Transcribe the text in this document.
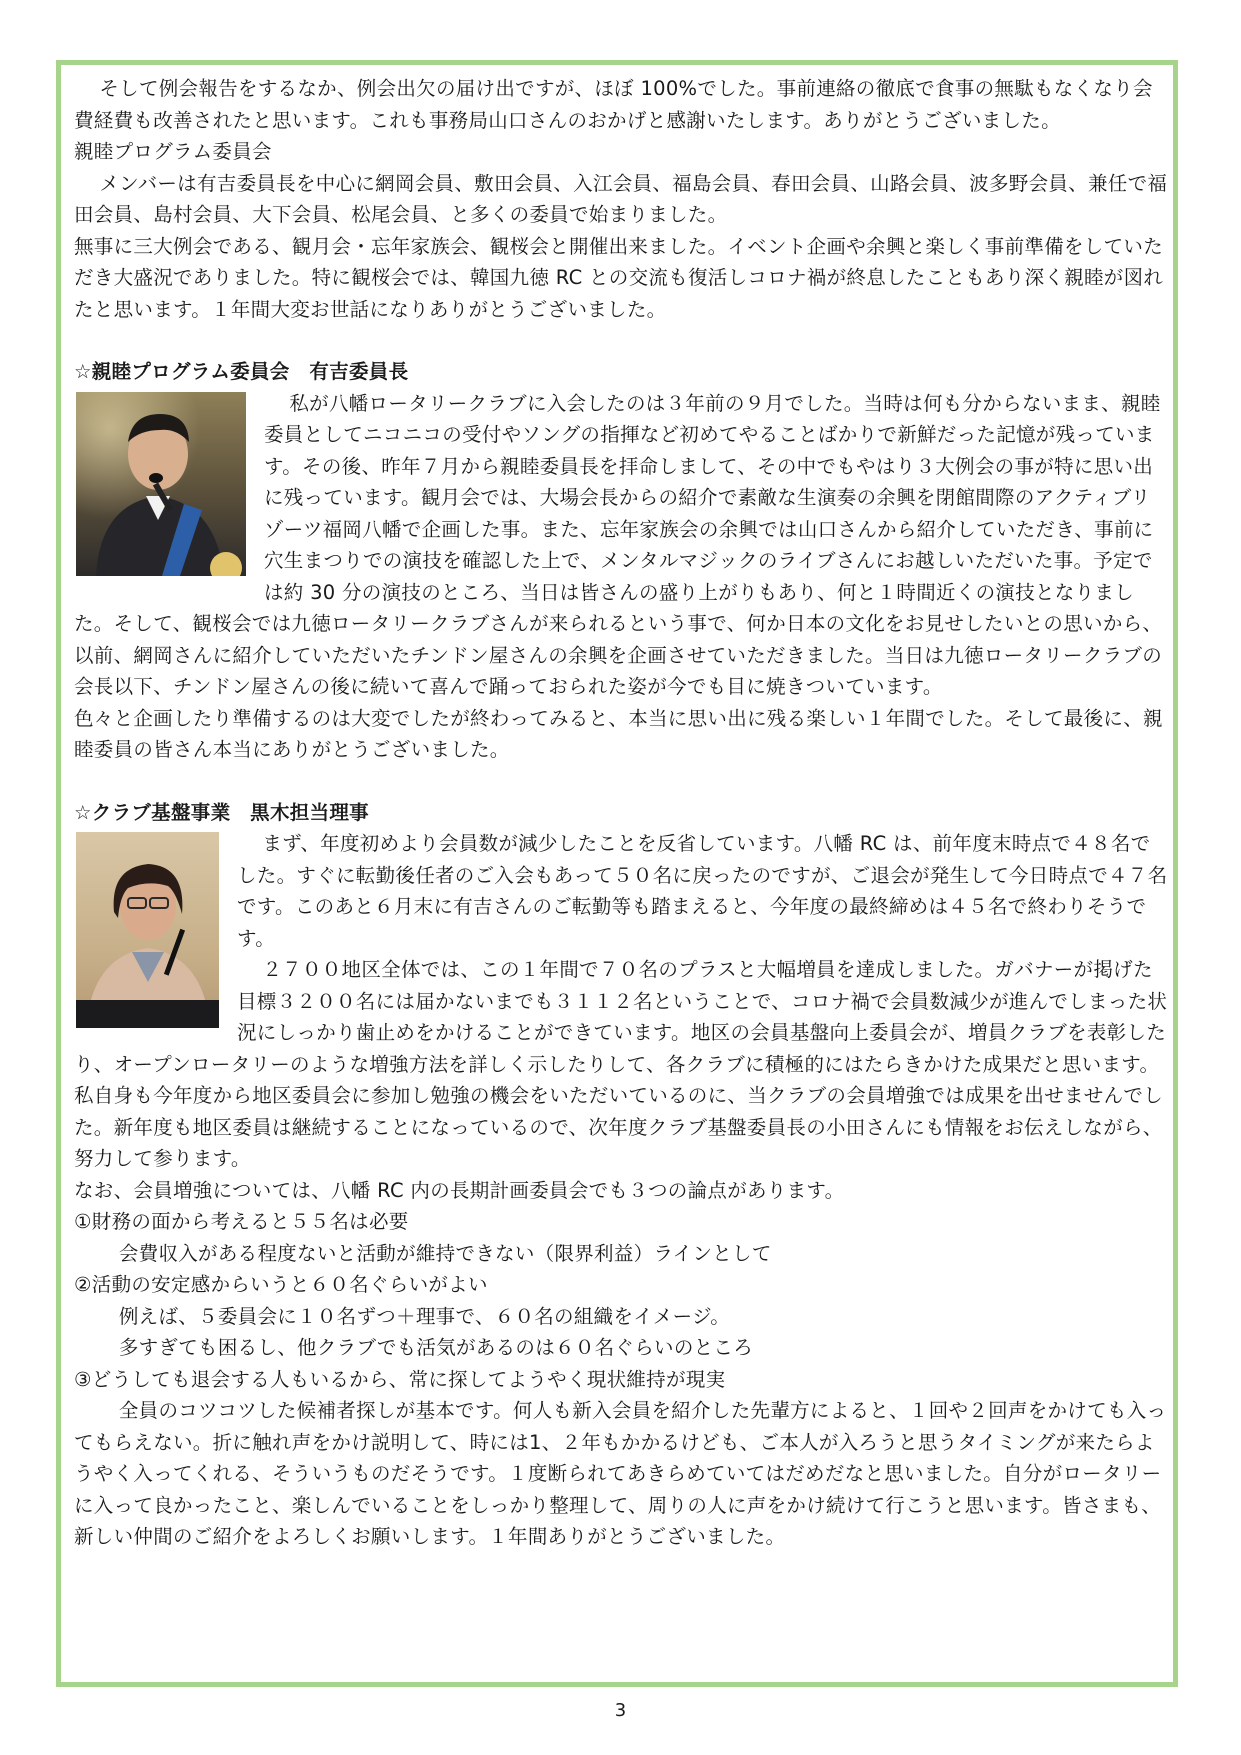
そして例会報告をするなか、例会出欠の届け出ですが、ほぼ 100%でした。事前連絡の徹底で食事の無駄もなくなり会費経費も改善されたと思います。これも事務局山口さんのおかげと感謝いたします。ありがとうございました。

親睦プログラム委員会

メンバーは有吉委員長を中心に網岡会員、敷田会員、入江会員、福島会員、春田会員、山路会員、波多野会員、兼任で福田会員、島村会員、大下会員、松尾会員、と多くの委員で始まりました。

無事に三大例会である、観月会・忘年家族会、観桜会と開催出来ました。イベント企画や余興と楽しく事前準備をしていただき大盛況でありました。特に観桜会では、韓国九徳 RC との交流も復活しコロナ禍が終息したこともあり深く親睦が図れたと思います。１年間大変お世話になりありがとうございました。

☆親睦プログラム委員会　有吉委員長

私が八幡ロータリークラブに入会したのは３年前の９月でした。当時は何も分からないまま、親睦委員としてニコニコの受付やソングの指揮など初めてやることばかりで新鮮だった記憶が残っています。その後、昨年７月から親睦委員長を拝命しまして、その中でもやはり３大例会の事が特に思い出に残っています。観月会では、大場会長からの紹介で素敵な生演奏の余興を閉館間際のアクティブリゾーツ福岡八幡で企画した事。また、忘年家族会の余興では山口さんから紹介していただき、事前に穴生まつりでの演技を確認した上で、メンタルマジックのライブさんにお越しいただいた事。予定では約 30 分の演技のところ、当日は皆さんの盛り上がりもあり、何と１時間近くの演技となりました。そして、観桜会では九徳ロータリークラブさんが来られるという事で、何か日本の文化をお見せしたいとの思いから、以前、網岡さんに紹介していただいたチンドン屋さんの余興を企画させていただきました。当日は九徳ロータリークラブの会長以下、チンドン屋さんの後に続いて喜んで踊っておられた姿が今でも目に焼きついています。

色々と企画したり準備するのは大変でしたが終わってみると、本当に思い出に残る楽しい１年間でした。そして最後に、親睦委員の皆さん本当にありがとうございました。

☆クラブ基盤事業　黒木担当理事

まず、年度初めより会員数が減少したことを反省しています。八幡 RC は、前年度末時点で４８名でした。すぐに転勤後任者のご入会もあって５０名に戻ったのですが、ご退会が発生して今日時点で４７名です。このあと６月末に有吉さんのご転勤等も踏まえると、今年度の最終締めは４５名で終わりそうです。

２７００地区全体では、この１年間で７０名のプラスと大幅増員を達成しました。ガバナーが掲げた目標３２００名には届かないまでも３１１２名ということで、コロナ禍で会員数減少が進んでしまった状況にしっかり歯止めをかけることができています。地区の会員基盤向上委員会が、増員クラブを表彰したり、オープンロータリーのような増強方法を詳しく示したりして、各クラブに積極的にはたらきかけた成果だと思います。

私自身も今年度から地区委員会に参加し勉強の機会をいただいているのに、当クラブの会員増強では成果を出せませんでした。新年度も地区委員は継続することになっているので、次年度クラブ基盤委員長の小田さんにも情報をお伝えしながら、努力して参ります。

なお、会員増強については、八幡 RC 内の長期計画委員会でも３つの論点があります。

①財務の面から考えると５５名は必要

会費収入がある程度ないと活動が維持できない（限界利益）ラインとして

②活動の安定感からいうと６０名ぐらいがよい

例えば、５委員会に１０名ずつ＋理事で、６０名の組織をイメージ。

多すぎても困るし、他クラブでも活気があるのは６０名ぐらいのところ

③どうしても退会する人もいるから、常に探してようやく現状維持が現実

全員のコツコツした候補者探しが基本です。何人も新入会員を紹介した先輩方によると、１回や２回声をかけても入ってもらえない。折に触れ声をかけ説明して、時には1、２年もかかるけども、ご本人が入ろうと思うタイミングが来たらようやく入ってくれる、そういうものだそうです。１度断られてあきらめていてはだめだなと思いました。自分がロータリーに入って良かったこと、楽しんでいることをしっかり整理して、周りの人に声をかけ続けて行こうと思います。皆さまも、新しい仲間のご紹介をよろしくお願いします。１年間ありがとうございました。

3
